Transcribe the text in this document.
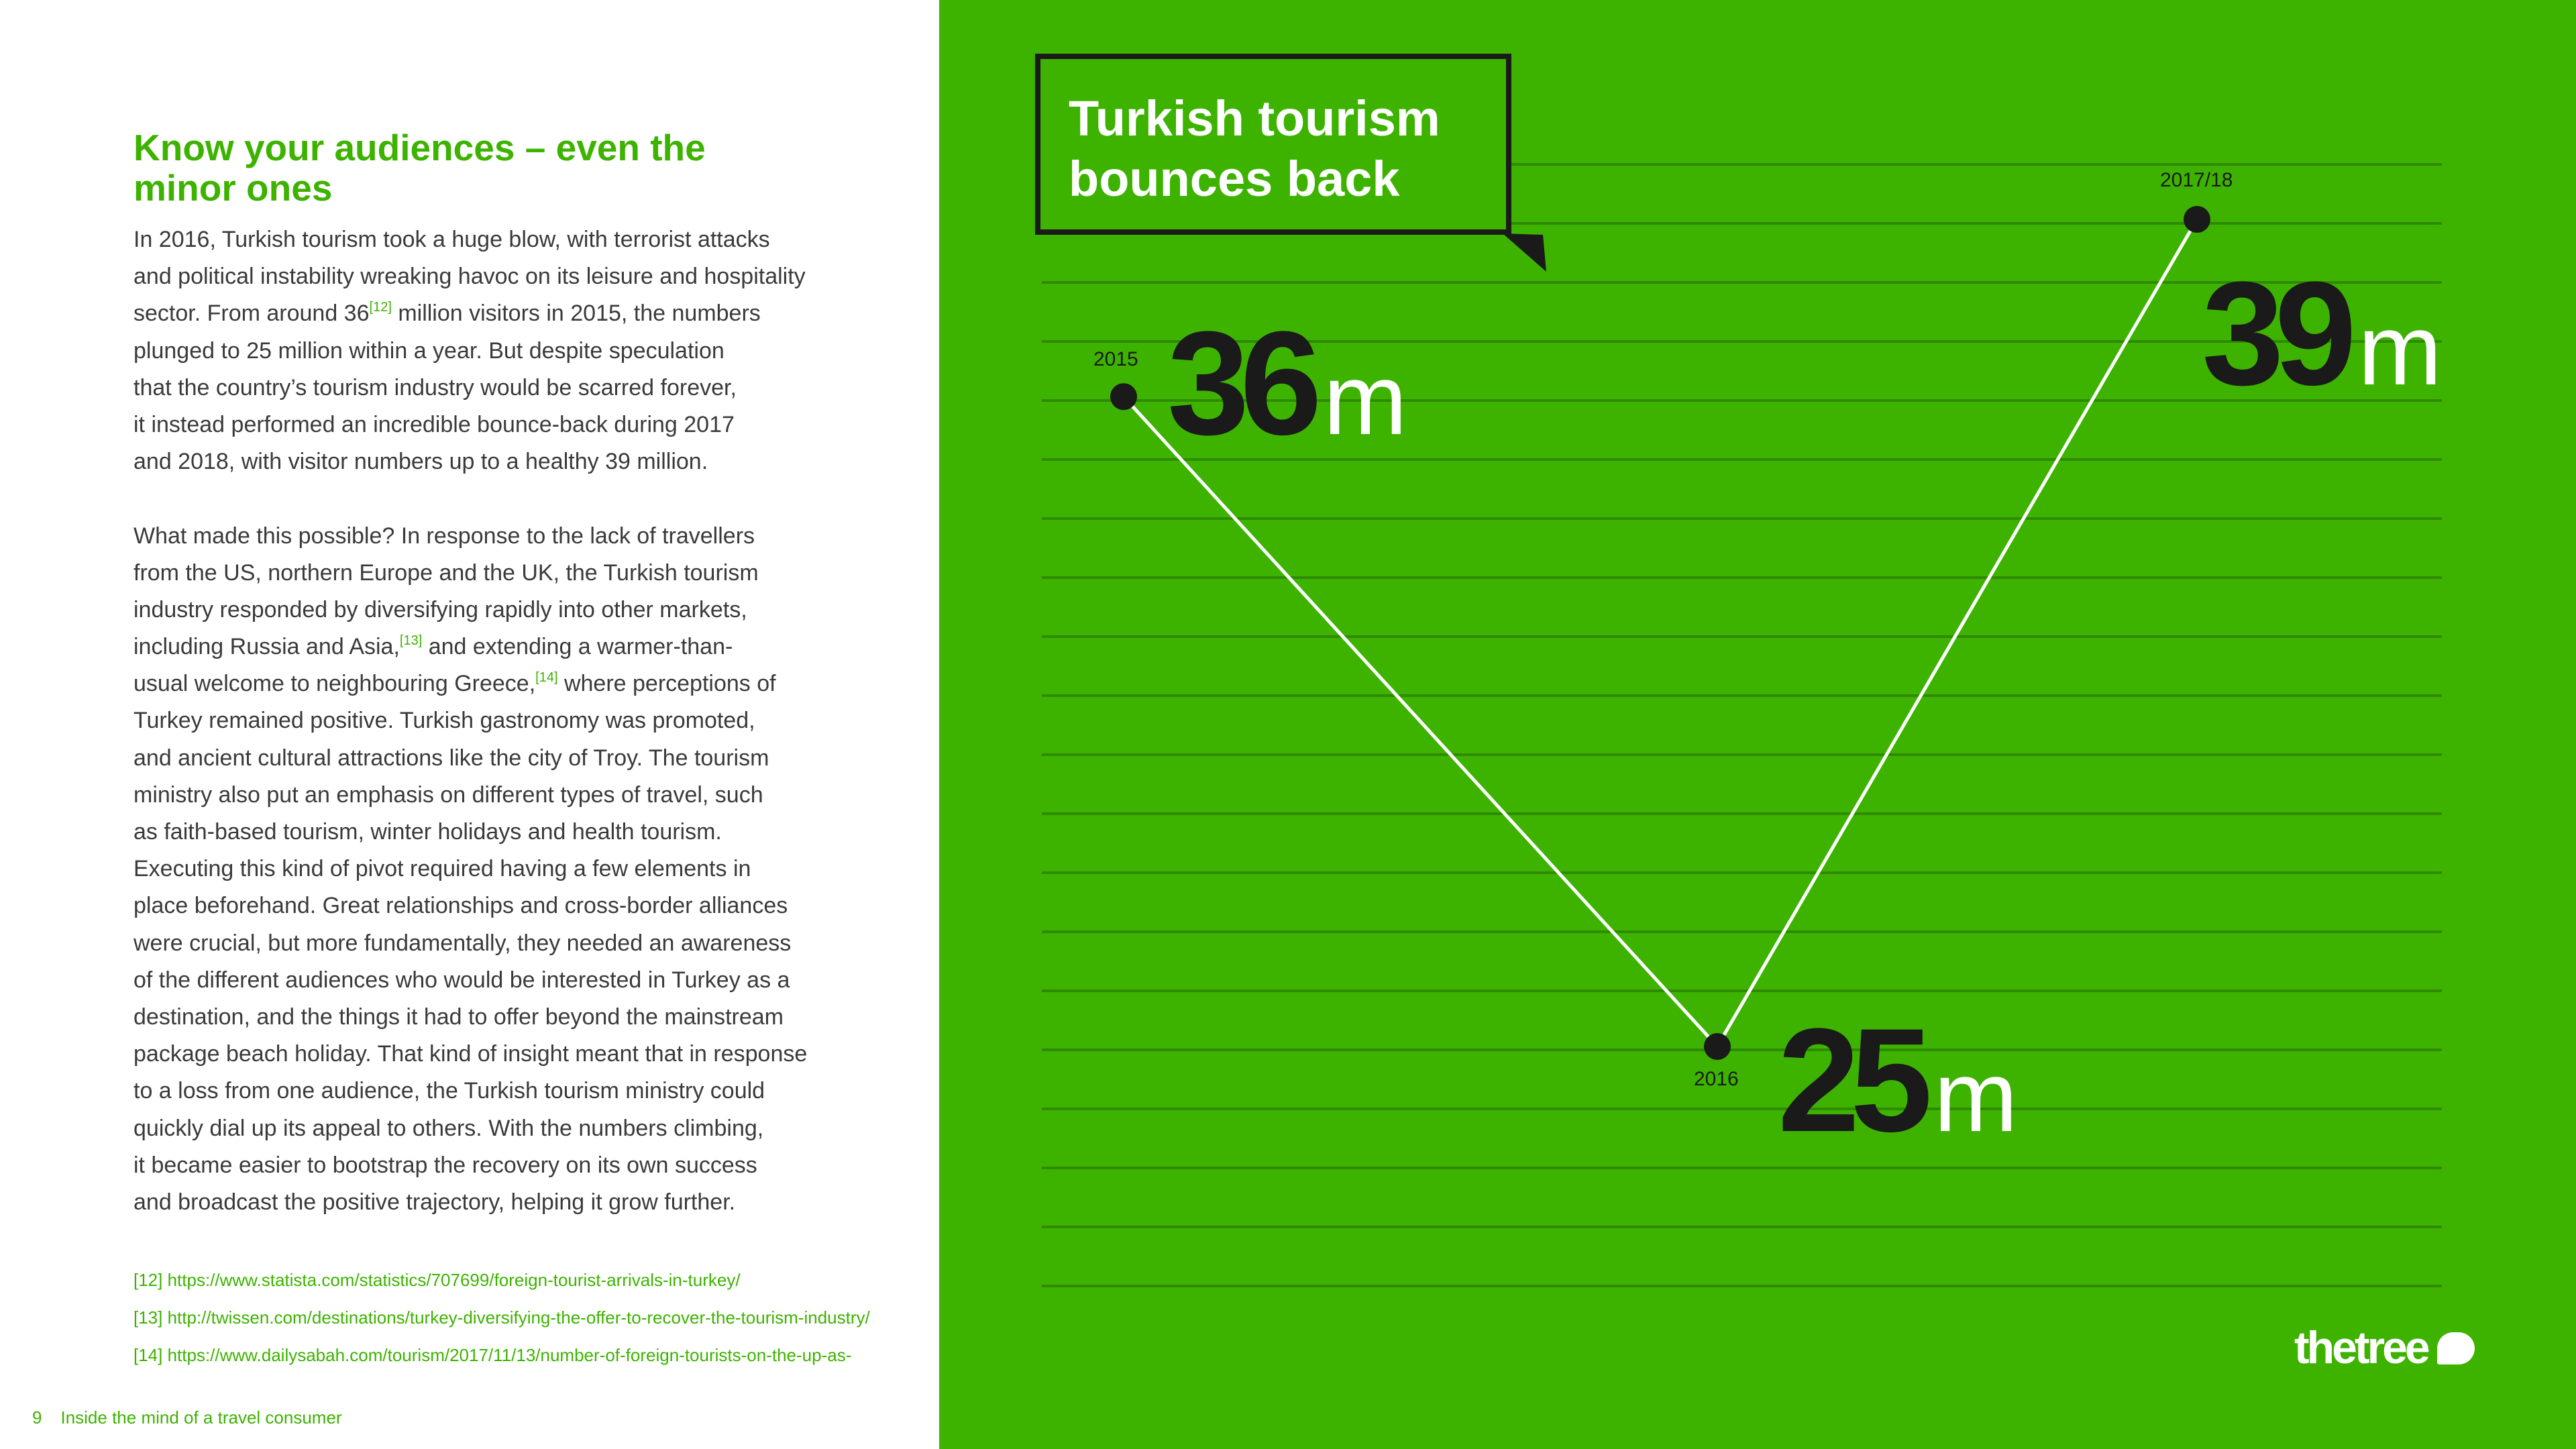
Know your audiences – even the
minor ones
In 2016, Turkish tourism took a huge blow, with terrorist attacks
and political instability wreaking havoc on its leisure and hospitality
sector. From around 36[12] million visitors in 2015, the numbers
plunged to 25 million within a year. But despite speculation
that the country’s tourism industry would be scarred forever,
it instead performed an incredible bounce-back during 2017
and 2018, with visitor numbers up to a healthy 39 million.
What made this possible? In response to the lack of travellers
from the US, northern Europe and the UK, the Turkish tourism
industry responded by diversifying rapidly into other markets,
including Russia and Asia,[13] and extending a warmer-than-
usual welcome to neighbouring Greece,[14] where perceptions of
Turkey remained positive. Turkish gastronomy was promoted,
and ancient cultural attractions like the city of Troy. The tourism
ministry also put an emphasis on different types of travel, such
as faith-based tourism, winter holidays and health tourism.
Executing this kind of pivot required having a few elements in
place beforehand. Great relationships and cross-border alliances
were crucial, but more fundamentally, they needed an awareness
of the different audiences who would be interested in Turkey as a
destination, and the things it had to offer beyond the mainstream
package beach holiday. That kind of insight meant that in response
to a loss from one audience, the Turkish tourism ministry could
quickly dial up its appeal to others. With the numbers climbing,
it became easier to bootstrap the recovery on its own success
and broadcast the positive trajectory, helping it grow further.
[12] https://www.statista.com/statistics/707699/foreign-tourist-arrivals-in-turkey/
[13] http://twissen.com/destinations/turkey-diversifying-the-offer-to-recover-the-tourism-industry/
[14] https://www.dailysabah.com/tourism/2017/11/13/number-of-foreign-tourists-on-the-up-as-
9 Inside the mind of a travel consumer
Turkish tourism
bounces back
2015 36 m
2016 25 m
2017/18
39 m
thetree
